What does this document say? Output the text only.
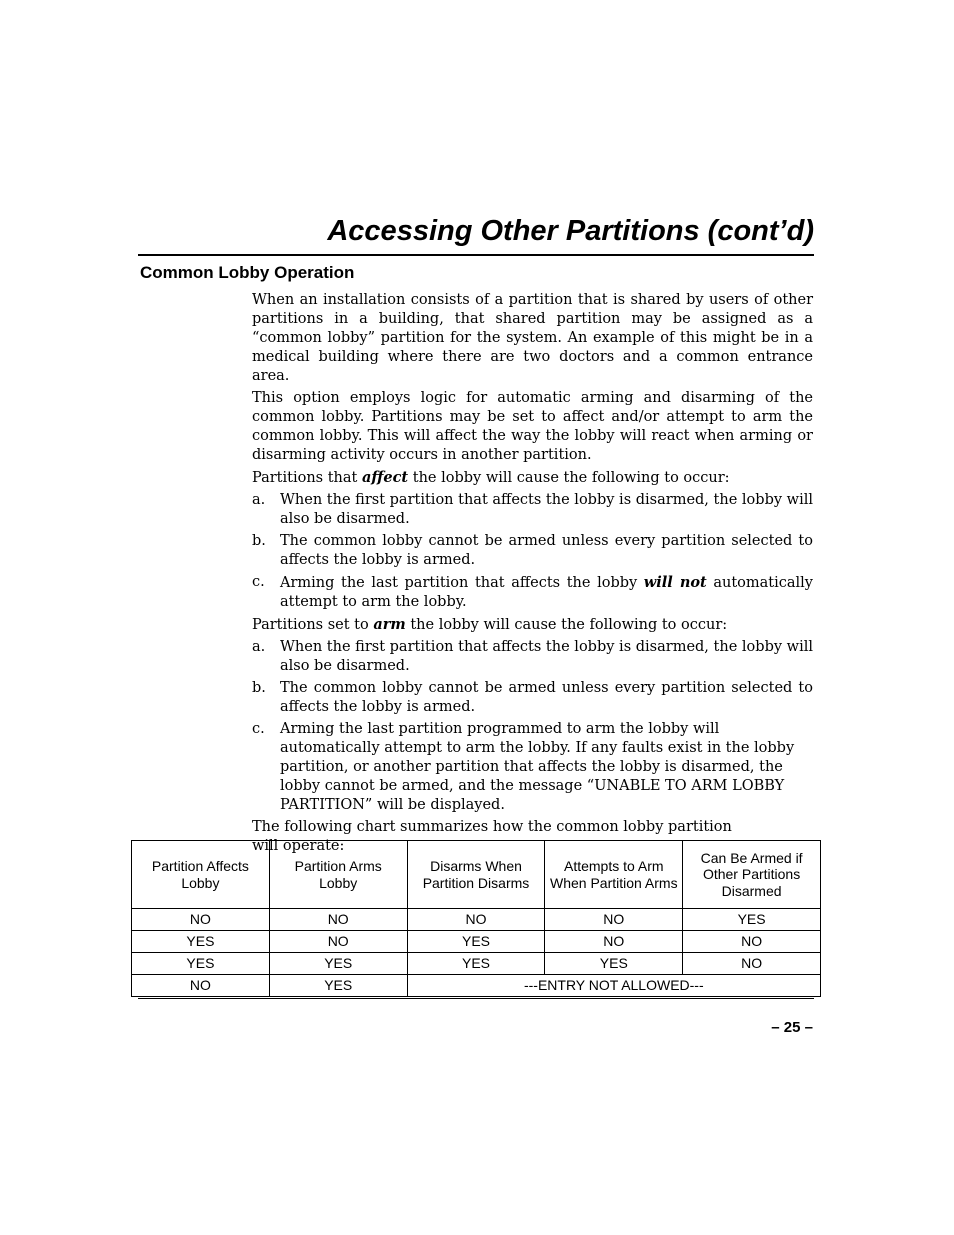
Accessing Other Partitions (cont’d)
Common Lobby Operation

When an installation consists of a partition that is shared by users of other partitions in a building, that shared partition may be assigned as a “common lobby” partition for the system. An example of this might be in a medical building where there are two doctors and a common entrance area.

This option employs logic for automatic arming and disarming of the common lobby. Partitions may be set to affect and/or attempt to arm the common lobby. This will affect the way the lobby will react when arming or disarming activity occurs in another partition.

Partitions that affect the lobby will cause the following to occur:

a.	When the first partition that affects the lobby is disarmed, the lobby will also be disarmed.
b. The common lobby cannot be armed unless every partition selected to affects the lobby is armed.
c.	Arming the last partition that affects the lobby will not automatically attempt to arm the lobby.

Partitions set to arm the lobby will cause the following to occur:

a.	When the first partition that affects the lobby is disarmed, the lobby will also be disarmed.
b. The common lobby cannot be armed unless every partition selected to affects the lobby is armed.
c.	Arming the last partition programmed to arm the lobby will automatically attempt to arm the lobby. If any faults exist in the lobby partition, or another partition that affects the lobby is disarmed, the lobby cannot be armed, and the message “UNABLE TO ARM LOBBY PARTITION” will be displayed.

The following chart summarizes how the common lobby partition will operate:

Partition Affects Lobby	Partition Arms Lobby	Disarms When Partition Disarms	Attempts to Arm When Partition Arms	Can Be Armed if Other Partitions Disarmed
NO	NO	NO	NO	YES
YES	NO	YES	NO	NO
YES	YES	YES	YES	NO
NO	YES	---ENTRY NOT ALLOWED---		
– 25 –
